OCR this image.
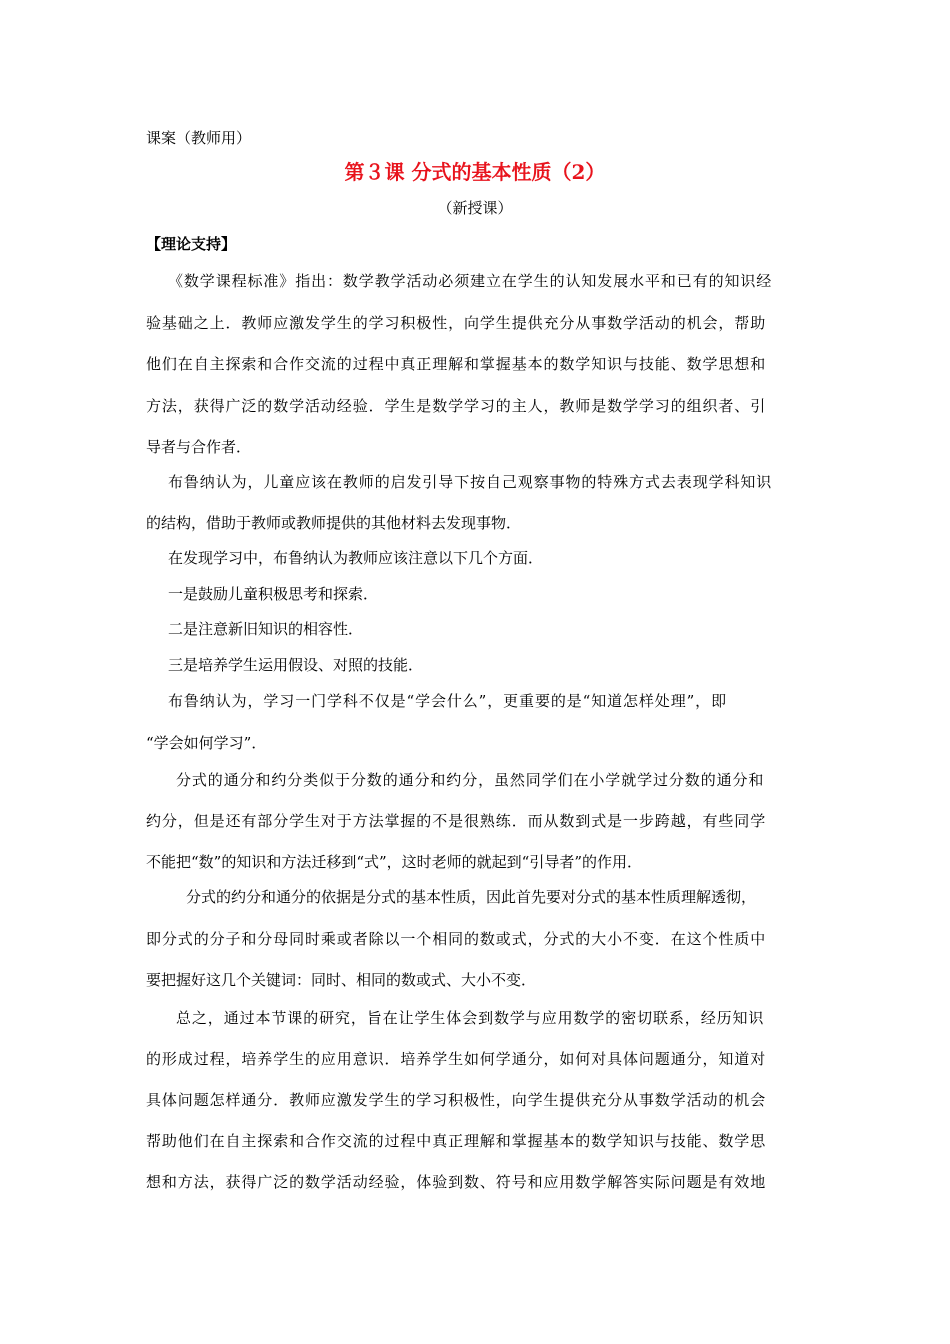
课案（教师用）
第３课 分式的基本性质（2）
（新授课）
【理论支持】
《数学课程标准》指出：数学教学活动必须建立在学生的认知发展水平和已有的知识经
验基础之上．教师应激发学生的学习积极性，向学生提供充分从事数学活动的机会，帮助
他们在自主探索和合作交流的过程中真正理解和掌握基本的数学知识与技能、数学思想和
方法，获得广泛的数学活动经验．学生是数学学习的主人，教师是数学学习的组织者、引
导者与合作者．
布鲁纳认为，儿童应该在教师的启发引导下按自己观察事物的特殊方式去表现学科知识
的结构，借助于教师或教师提供的其他材料去发现事物．
在发现学习中，布鲁纳认为教师应该注意以下几个方面．
一是鼓励儿童积极思考和探索．
二是注意新旧知识的相容性．
三是培养学生运用假设、对照的技能．
布鲁纳认为，学习一门学科不仅是“学会什么”，更重要的是“知道怎样处理”，即
“学会如何学习”．
分式的通分和约分类似于分数的通分和约分，虽然同学们在小学就学过分数的通分和
约分，但是还有部分学生对于方法掌握的不是很熟练．而从数到式是一步跨越，有些同学
不能把“数”的知识和方法迁移到“式”，这时老师的就起到“引导者”的作用．
分式的约分和通分的依据是分式的基本性质，因此首先要对分式的基本性质理解透彻，
即分式的分子和分母同时乘或者除以一个相同的数或式，分式的大小不变．在这个性质中
要把握好这几个关键词：同时、相同的数或式、大小不变．
总之，通过本节课的研究，旨在让学生体会到数学与应用数学的密切联系，经历知识
的形成过程，培养学生的应用意识．培养学生如何学通分，如何对具体问题通分，知道对
具体问题怎样通分．教师应激发学生的学习积极性，向学生提供充分从事数学活动的机会
帮助他们在自主探索和合作交流的过程中真正理解和掌握基本的数学知识与技能、数学思
想和方法，获得广泛的数学活动经验，体验到数、符号和应用数学解答实际问题是有效地
